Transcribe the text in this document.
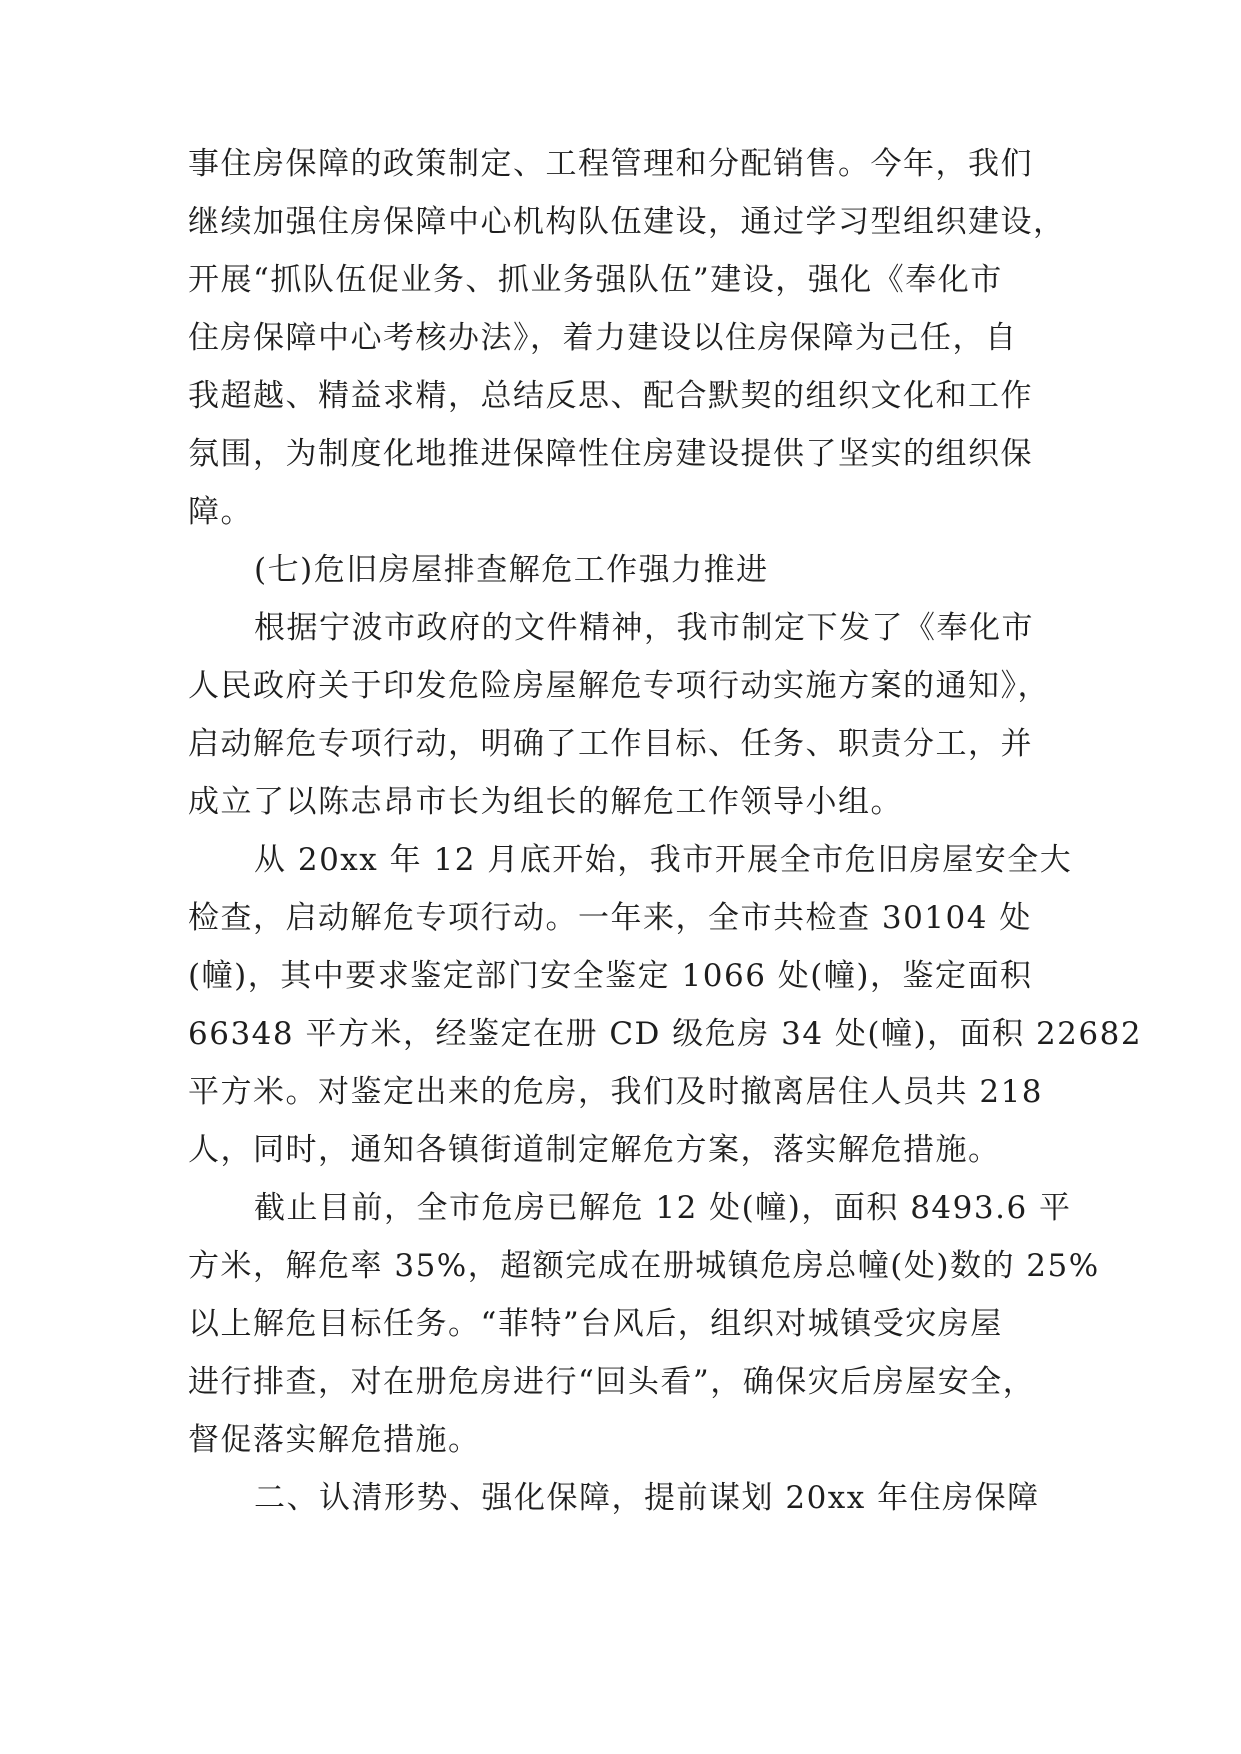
事住房保障的政策制定、工程管理和分配销售。今年，我们

继续加强住房保障中心机构队伍建设，通过学习型组织建设，

开展“抓队伍促业务、抓业务强队伍”建设，强化《奉化市

住房保障中心考核办法》，着力建设以住房保障为己任，自

我超越、精益求精，总结反思、配合默契的组织文化和工作

氛围，为制度化地推进保障性住房建设提供了坚实的组织保

障。

(七)危旧房屋排查解危工作强力推进

根据宁波市政府的文件精神，我市制定下发了《奉化市

人民政府关于印发危险房屋解危专项行动实施方案的通知》，

启动解危专项行动，明确了工作目标、任务、职责分工，并

成立了以陈志昂市长为组长的解危工作领导小组。

从 20xx 年 12 月底开始，我市开展全市危旧房屋安全大

检查，启动解危专项行动。一年来，全市共检查 30104 处

(幢)，其中要求鉴定部门安全鉴定 1066 处(幢)，鉴定面积

66348 平方米，经鉴定在册 CD 级危房 34 处(幢)，面积 22682

平方米。对鉴定出来的危房，我们及时撤离居住人员共 218

人，同时，通知各镇街道制定解危方案，落实解危措施。

截止目前，全市危房已解危 12 处(幢)，面积 8493.6 平

方米，解危率 35%，超额完成在册城镇危房总幢(处)数的 25%

以上解危目标任务。“菲特”台风后，组织对城镇受灾房屋

进行排查，对在册危房进行“回头看”，确保灾后房屋安全，

督促落实解危措施。

二、认清形势、强化保障，提前谋划 20xx 年住房保障
